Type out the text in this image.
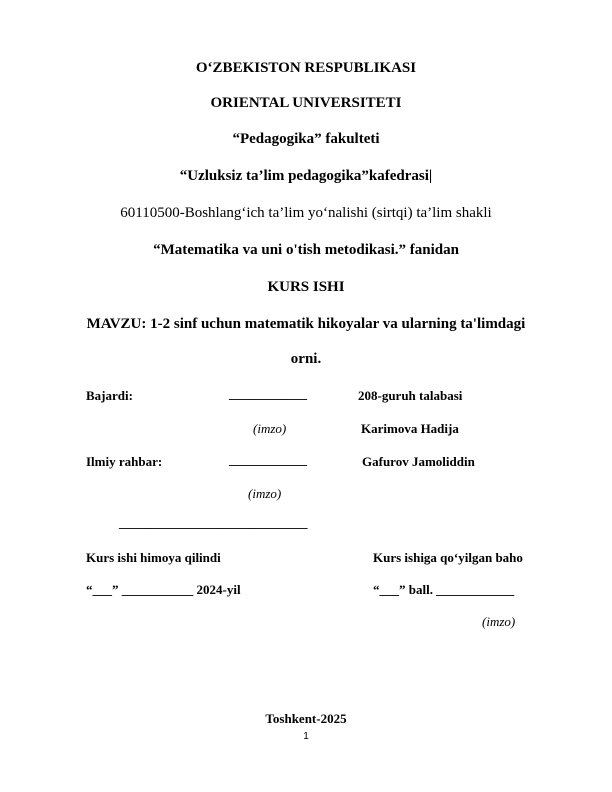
O‘ZBEKISTON RESPUBLIKASI
ORIENTAL UNIVERSITETI
“Pedagogika” fakulteti
“Uzluksiz ta’lim pedagogika”kafedrasi|
60110500-Boshlang‘ich ta’lim yo‘nalishi (sirtqi) ta’lim shakli
“Matematika va uni o'tish metodikasi.” fanidan
KURS ISHI
MAVZU: 1-2 sinf uchun matematik hikoyalar va ularning ta'limdagi
orni.
Bajardi:	____________	208-guruh talabasi
(imzo)	Karimova Hadija
Ilmiy rahbar:	____________	Gafurov Jamoliddin
(imzo)
_____________________________
Kurs ishi himoya qilindi	Kurs ishiga qo‘yilgan baho
“___” ___________ 2024-yil	“___” ball. ____________
(imzo)
Toshkent-2025
1
